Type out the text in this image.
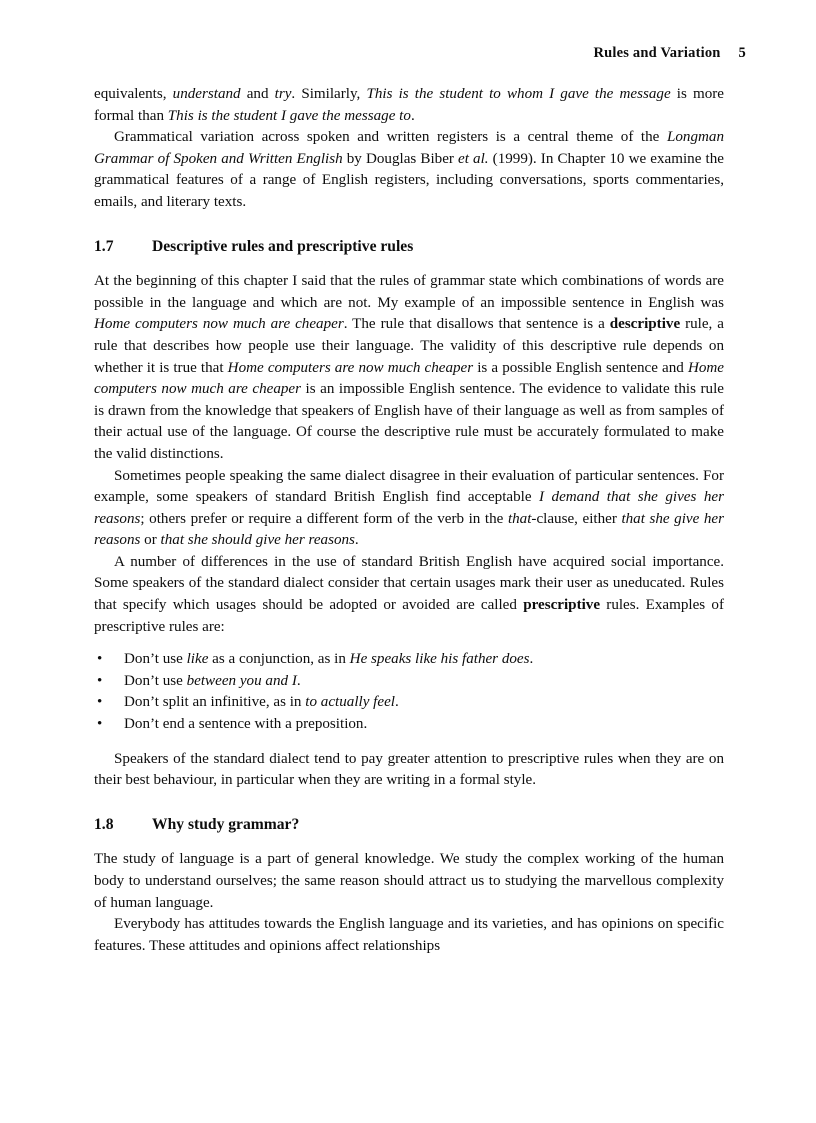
Rules and Variation 5

equivalents, understand and try. Similarly, This is the student to whom I gave the message is more formal than This is the student I gave the message to.

Grammatical variation across spoken and written registers is a central theme of the Longman Grammar of Spoken and Written English by Douglas Biber et al. (1999). In Chapter 10 we examine the grammatical features of a range of English registers, including conversations, sports commentaries, emails, and literary texts.

1.7	Descriptive rules and prescriptive rules

At the beginning of this chapter I said that the rules of grammar state which combinations of words are possible in the language and which are not. My example of an impossible sentence in English was Home computers now much are cheaper. The rule that disallows that sentence is a descriptive rule, a rule that describes how people use their language. The validity of this descriptive rule depends on whether it is true that Home computers are now much cheaper is a possible English sentence and Home computers now much are cheaper is an impossible English sentence. The evidence to validate this rule is drawn from the knowledge that speakers of English have of their language as well as from samples of their actual use of the language. Of course the descriptive rule must be accurately formulated to make the valid distinctions.

Sometimes people speaking the same dialect disagree in their evaluation of particular sentences. For example, some speakers of standard British English find acceptable I demand that she gives her reasons; others prefer or require a different form of the verb in the that-clause, either that she give her reasons or that she should give her reasons.

A number of differences in the use of standard British English have acquired social importance. Some speakers of the standard dialect consider that certain usages mark their user as uneducated. Rules that specify which usages should be adopted or avoided are called prescriptive rules. Examples of prescriptive rules are:

• Don’t use like as a conjunction, as in He speaks like his father does.
• Don’t use between you and I.
• Don’t split an infinitive, as in to actually feel.
• Don’t end a sentence with a preposition.

Speakers of the standard dialect tend to pay greater attention to prescriptive rules when they are on their best behaviour, in particular when they are writing in a formal style.

1.8	Why study grammar?

The study of language is a part of general knowledge. We study the complex working of the human body to understand ourselves; the same reason should attract us to studying the marvellous complexity of human language.

Everybody has attitudes towards the English language and its varieties, and has opinions on specific features. These attitudes and opinions affect relationships
